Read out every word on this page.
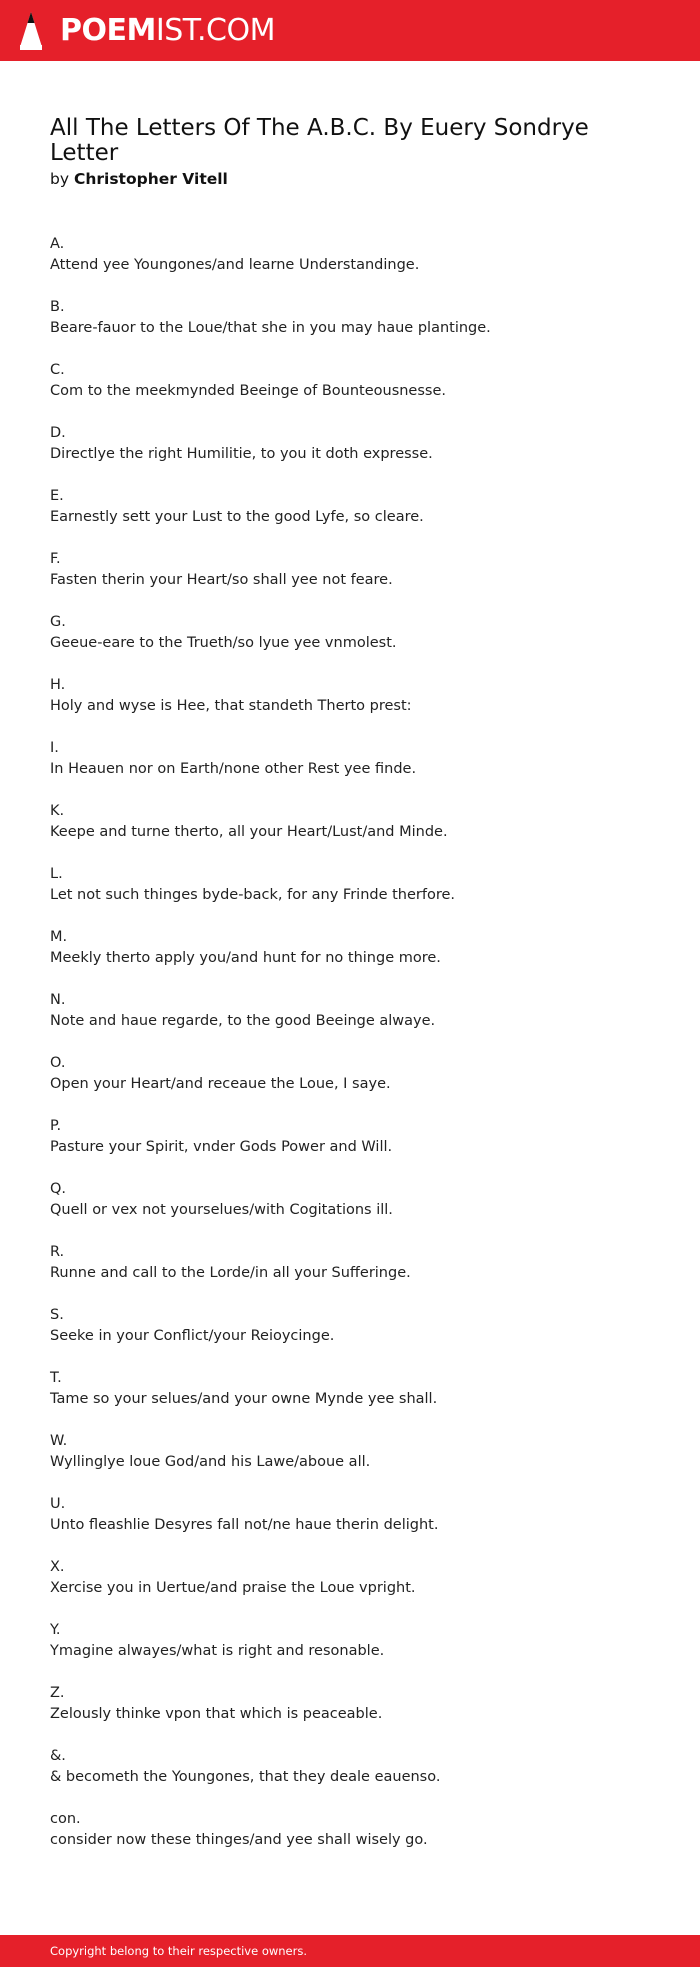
POEMIST.COM
All The Letters Of The A.B.C. By Euery Sondrye Letter
by Christopher Vitell
A.
Attend yee Youngones/and learne Understandinge.
B.
Beare-fauor to the Loue/that she in you may haue plantinge.
C.
Com to the meekmynded Beeinge of Bounteousnesse.
D.
Directlye the right Humilitie, to you it doth expresse.
E.
Earnestly sett your Lust to the good Lyfe, so cleare.
F.
Fasten therin your Heart/so shall yee not feare.
G.
Geeue-eare to the Trueth/so lyue yee vnmolest.
H.
Holy and wyse is Hee, that standeth Therto prest:
I.
In Heauen nor on Earth/none other Rest yee finde.
K.
Keepe and turne therto, all your Heart/Lust/and Minde.
L.
Let not such thinges byde-back, for any Frinde therfore.
M.
Meekly therto apply you/and hunt for no thinge more.
N.
Note and haue regarde, to the good Beeinge alwaye.
O.
Open your Heart/and receaue the Loue, I saye.
P.
Pasture your Spirit, vnder Gods Power and Will.
Q.
Quell or vex not yourselues/with Cogitations ill.
R.
Runne and call to the Lorde/in all your Sufferinge.
S.
Seeke in your Conflict/your Reioycinge.
T.
Tame so your selues/and your owne Mynde yee shall.
W.
Wyllinglye loue God/and his Lawe/aboue all.
U.
Unto fleashlie Desyres fall not/ne haue therin delight.
X.
Xercise you in Uertue/and praise the Loue vpright.
Y.
Ymagine alwayes/what is right and resonable.
Z.
Zelously thinke vpon that which is peaceable.
&.
& becometh the Youngones, that they deale eauenso.
con.
consider now these thinges/and yee shall wisely go.
Copyright belong to their respective owners.
